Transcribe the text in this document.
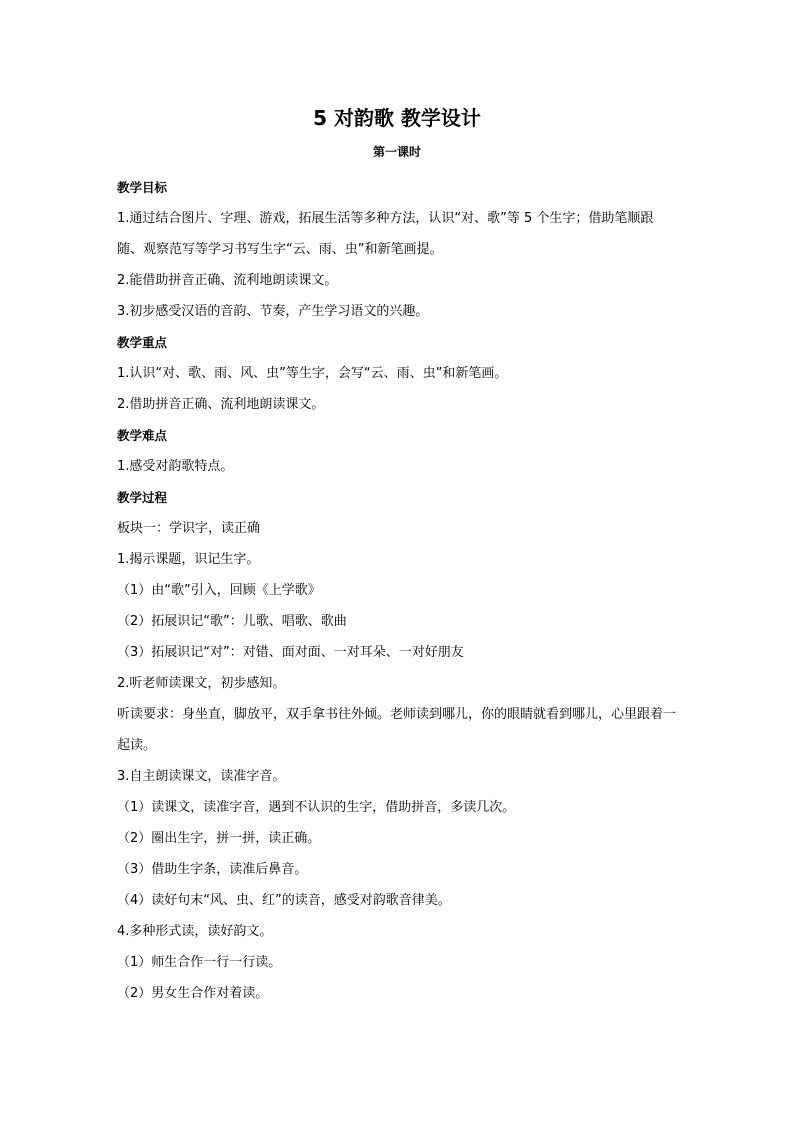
5 对韵歌 教学设计
第一课时

教学目标

1.通过结合图片、字理、游戏，拓展生活等多种方法，认识“对、歌”等 5 个生字；借助笔顺跟随、观察范写等学习书写生字“云、雨、虫”和新笔画提。

2.能借助拼音正确、流利地朗读课文。

3.初步感受汉语的音韵、节奏，产生学习语文的兴趣。

教学重点

1.认识“对、歌、雨、风、虫”等生字，会写“云、雨、虫”和新笔画。

2.借助拼音正确、流利地朗读课文。

教学难点

1.感受对韵歌特点。

教学过程

板块一：学识字，读正确

1.揭示课题，识记生字。

（1）由“歌”引入，回顾《上学歌》

（2）拓展识记“歌”：儿歌、唱歌、歌曲

（3）拓展识记“对”：对错、面对面、一对耳朵、一对好朋友

2.听老师读课文，初步感知。

听读要求：身坐直，脚放平，双手拿书往外倾。老师读到哪儿，你的眼睛就看到哪儿，心里跟着一起读。

3.自主朗读课文，读准字音。

（1）读课文，读准字音，遇到不认识的生字，借助拼音，多读几次。

（2）圈出生字，拼一拼，读正确。

（3）借助生字条，读准后鼻音。

（4）读好句末“风、虫、红”的读音，感受对韵歌音律美。

4.多种形式读，读好韵文。

（1）师生合作一行一行读。

（2）男女生合作对着读。
